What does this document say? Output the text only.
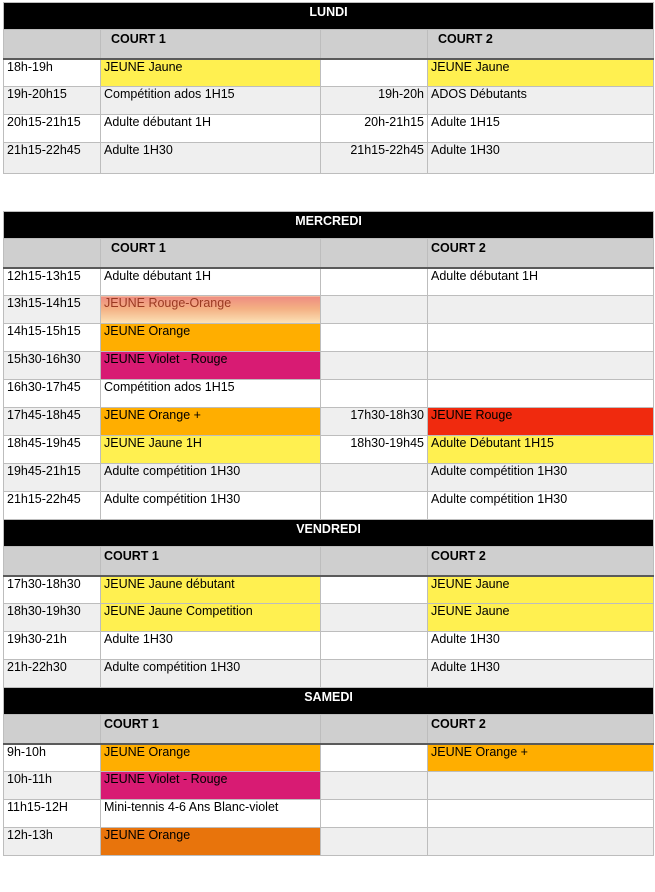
LUNDI			
	COURT 1		COURT 2
18h-19h	JEUNE Jaune		JEUNE Jaune
19h-20h15	Compétition ados 1H15	19h-20h	ADOS Débutants
20h15-21h15	Adulte débutant 1H	20h-21h15	Adulte 1H15
21h15-22h45	Adulte 1H30	21h15-22h45	Adulte 1H30
MERCREDI			
	COURT 1		COURT 2
12h15-13h15	Adulte débutant 1H		Adulte débutant 1H
13h15-14h15	JEUNE Rouge-Orange		
14h15-15h15	JEUNE Orange		
15h30-16h30	JEUNE Violet - Rouge		
16h30-17h45	Compétition ados 1H15		
17h45-18h45	JEUNE Orange +	17h30-18h30	JEUNE Rouge
18h45-19h45	JEUNE Jaune 1H	18h30-19h45	Adulte Débutant 1H15
19h45-21h15	Adulte compétition 1H30		Adulte compétition 1H30
21h15-22h45	Adulte compétition 1H30		Adulte compétition 1H30
VENDREDI			
	COURT 1		COURT 2
17h30-18h30	JEUNE Jaune débutant		JEUNE Jaune
18h30-19h30	JEUNE Jaune Competition		JEUNE Jaune
19h30-21h	Adulte 1H30		Adulte 1H30
21h-22h30	Adulte compétition 1H30		Adulte 1H30
SAMEDI			
	COURT 1		COURT 2
9h-10h	JEUNE Orange		JEUNE Orange +
10h-11h	JEUNE Violet - Rouge		
11h15-12H	Mini-tennis 4-6 Ans Blanc-violet		
12h-13h	JEUNE Orange		
